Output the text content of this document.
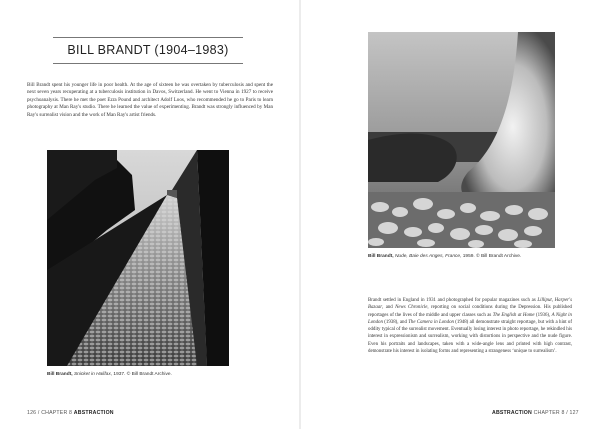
BILL BRANDT (1904–1983)

Bill Brandt spent his younger life in poor health. At the age of sixteen he was overtaken by tuberculosis and spent the next seven years recuperating at a tuberculosis institution in Davos, Switzerland. He went to Vienna in 1927 to receive psychoanalysis. There he met the poet Ezra Pound and architect Adolf Loos, who recommended he go to Paris to learn photography at Man Ray's studio. There he learned the value of experimenting. Brandt was strongly influenced by Man Ray's surrealist vision and the work of Man Ray's artist friends.

Bill Brandt, Snicket in Halifax, 1937. © Bill Brandt Archive.
126 / CHAPTER 8 ABSTRACTION
Bill Brandt, Nude, Baie des Anges, France, 1959. © Bill Brandt Archive.

Brandt settled in England in 1931 and photographed for popular magazines such as Lilliput, Harper's Bazaar, and News Chronicle, reporting on social conditions during the Depression. His published reportages of the lives of the middle and upper classes such as The English at Home (1936), A Night in London (1938), and The Camera in London (1948) all demonstrate straight reportage, but with a hint of oddity typical of the surrealist movement. Eventually losing interest in photo reportage, he rekindled his interest in expressionism and surrealism, working with distortions in perspective and the nude figure. Even his portraits and landscapes, taken with a wide-angle lens and printed with high contrast, demonstrate his interest in isolating forms and representing a strangeness ‘unique to surrealism’.

ABSTRACTION CHAPTER 8 / 127
